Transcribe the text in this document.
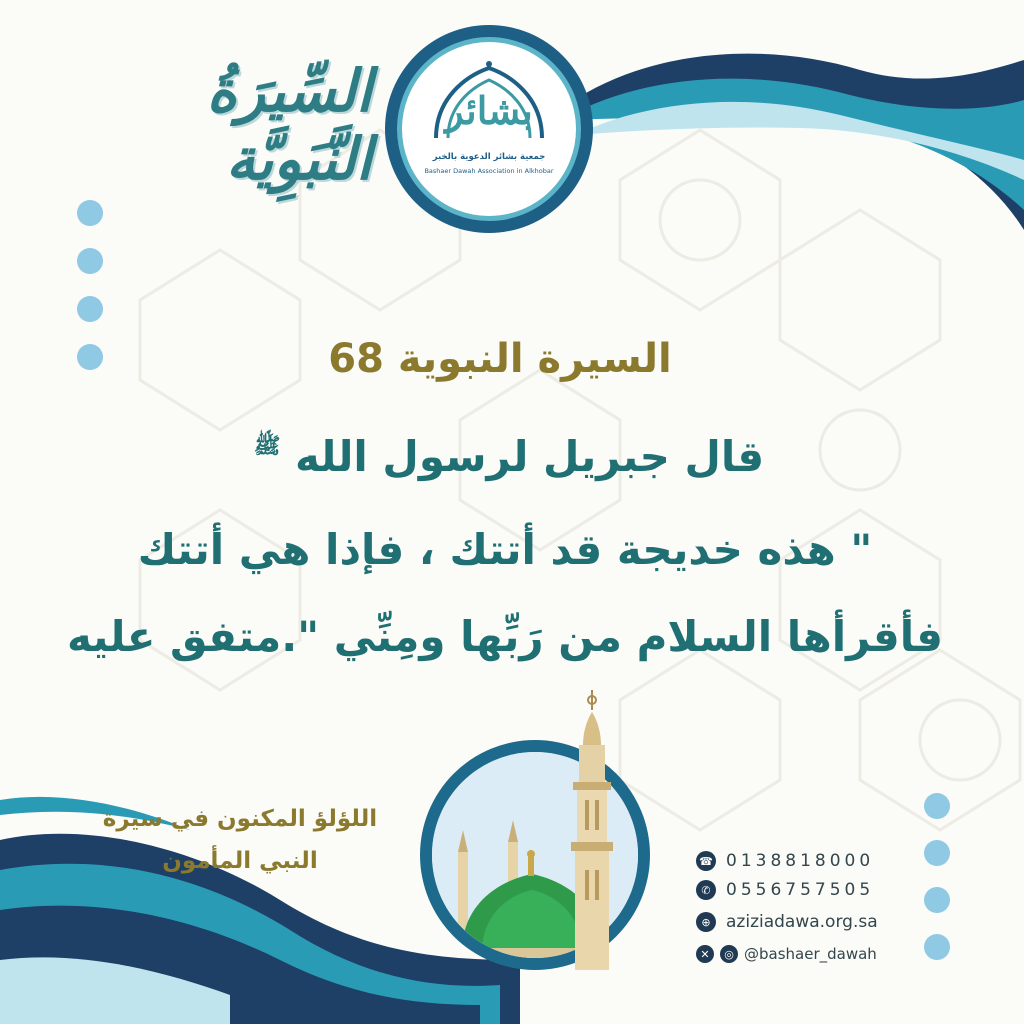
السِّيرَةُ النَّبَوِيَّة
بشائر
جمعية بشائر الدعوية بالخبر
Bashaer Dawah Association in Alkhobar
السيرة النبوية 68
قال جبريل لرسول الله ﷺ
" هذه خديجة قد أتتك ، فإذا هي أتتك
فأقرأها السلام من رَبِّها ومِنِّي ".متفق عليه
اللؤلؤ المكنون في سيرة
النبي المأمون	☎ 0138818000
✆ 0556757505
⊕ aziziadawa.org.sa
✕	◎ @bashaer_dawah
